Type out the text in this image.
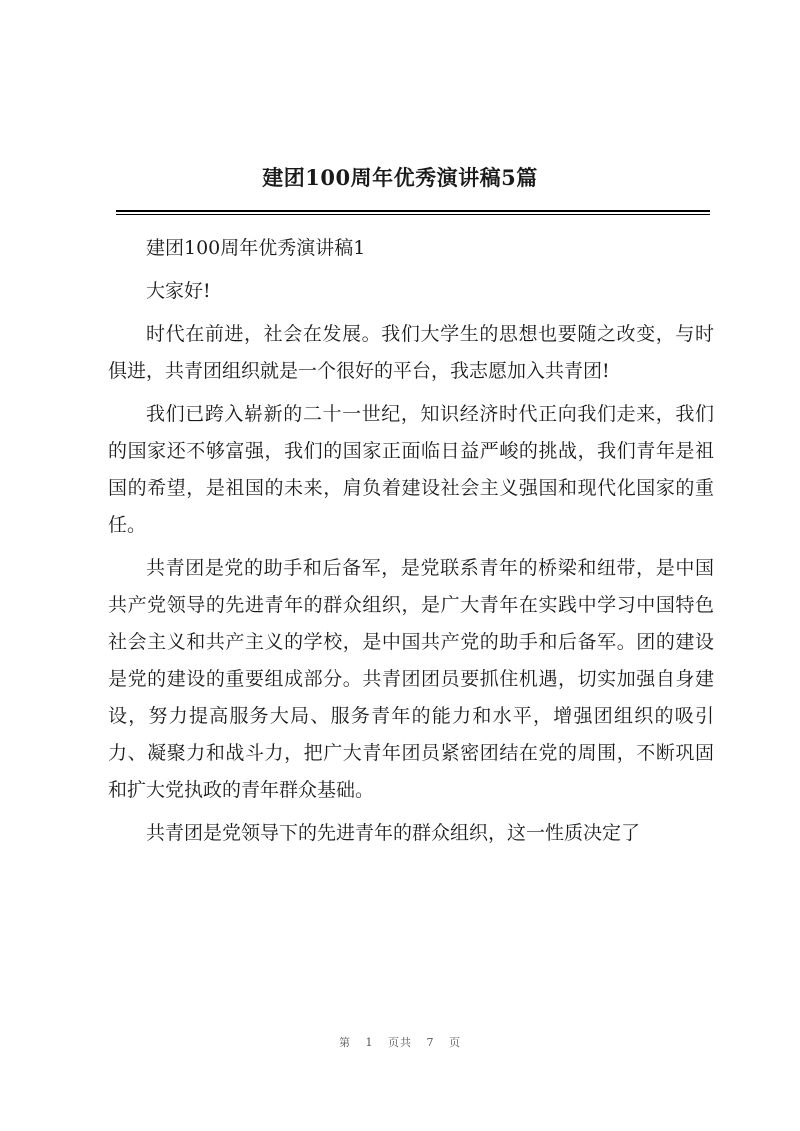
建团100周年优秀演讲稿5篇

建团100周年优秀演讲稿1

大家好!

时代在前进，社会在发展。我们大学生的思想也要随之改变，与时俱进，共青团组织就是一个很好的平台，我志愿加入共青团!

我们已跨入崭新的二十一世纪，知识经济时代正向我们走来，我们的国家还不够富强，我们的国家正面临日益严峻的挑战，我们青年是祖国的希望，是祖国的未来，肩负着建设社会主义强国和现代化国家的重任。

共青团是党的助手和后备军，是党联系青年的桥梁和纽带，是中国共产党领导的先进青年的群众组织，是广大青年在实践中学习中国特色社会主义和共产主义的学校，是中国共产党的助手和后备军。团的建设是党的建设的重要组成部分。共青团团员要抓住机遇，切实加强自身建设，努力提高服务大局、服务青年的能力和水平，增强团组织的吸引力、凝聚力和战斗力，把广大青年团员紧密团结在党的周围，不断巩固和扩大党执政的青年群众基础。

共青团是党领导下的先进青年的群众组织，这一性质决定了

第 1 页共 7 页
